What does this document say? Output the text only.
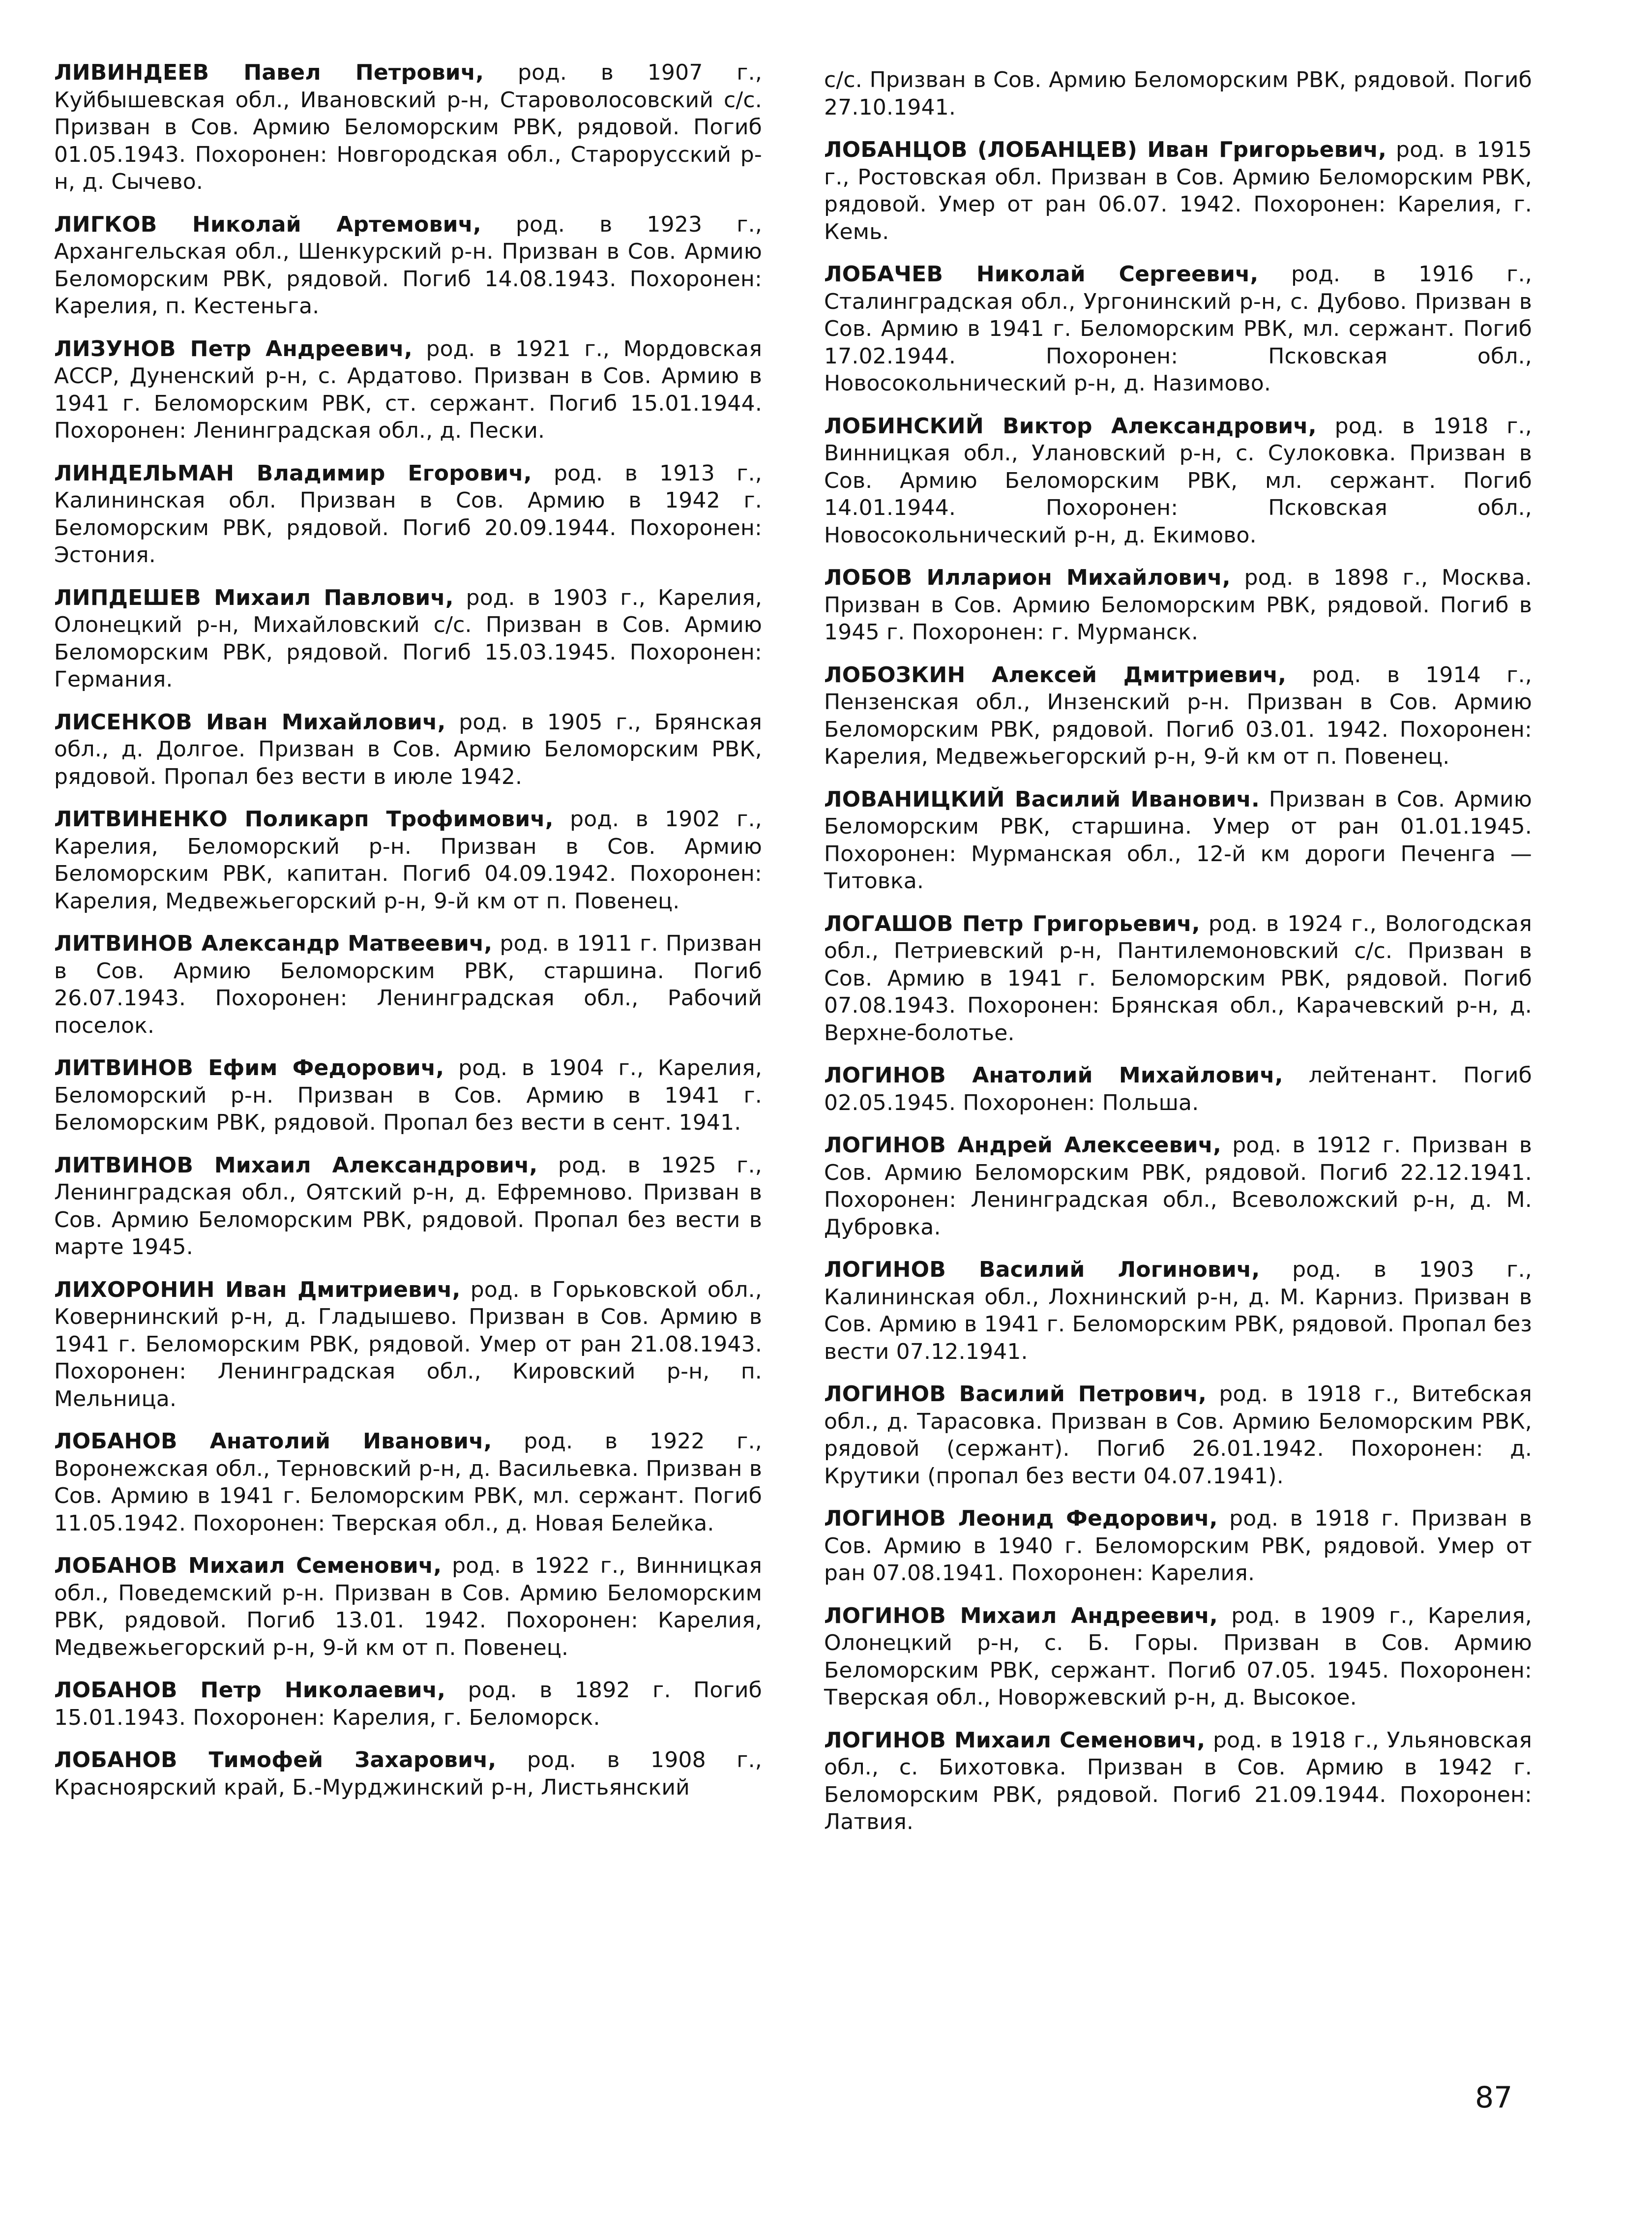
ЛИВИНДЕЕВ Павел Петрович, род. в 1907 г., Куйбышевская обл., Ивановский р-н, Староволосовский с/с. Призван в Сов. Армию Беломорским РВК, рядовой. Погиб 01.05.1943. Похоронен: Новгородская обл., Старорусский р-н, д. Сычево.

ЛИГКОВ Николай Артемович, род. в 1923 г., Архангельская обл., Шенкурский р-н. Призван в Сов. Армию Беломорским РВК, рядовой. Погиб 14.08.1943. Похоронен: Карелия, п. Кестеньга.

ЛИЗУНОВ Петр Андреевич, род. в 1921 г., Мордовская АССР, Дуненский р-н, с. Ардатово. Призван в Сов. Армию в 1941 г. Беломорским РВК, ст. сержант. Погиб 15.01.1944. Похоронен: Ленинградская обл., д. Пески.

ЛИНДЕЛЬМАН Владимир Егорович, род. в 1913 г., Калининская обл. Призван в Сов. Армию в 1942 г. Беломорским РВК, рядовой. Погиб 20.09.1944. Похоронен: Эстония.

ЛИПДЕШЕВ Михаил Павлович, род. в 1903 г., Карелия, Олонецкий р-н, Михайловский с/с. Призван в Сов. Армию Беломорским РВК, рядовой. Погиб 15.03.1945. Похоронен: Германия.

ЛИСЕНКОВ Иван Михайлович, род. в 1905 г., Брянская обл., д. Долгое. Призван в Сов. Армию Беломорским РВК, рядовой. Пропал без вести в июле 1942.

ЛИТВИНЕНКО Поликарп Трофимович, род. в 1902 г., Карелия, Беломорский р-н. Призван в Сов. Армию Беломорским РВК, капитан. Погиб 04.09.1942. Похоронен: Карелия, Медвежьегорский р-н, 9-й км от п. Повенец.

ЛИТВИНОВ Александр Матвеевич, род. в 1911 г. Призван в Сов. Армию Беломорским РВК, старшина. Погиб 26.07.1943. Похоронен: Ленинградская обл., Рабочий поселок.

ЛИТВИНОВ Ефим Федорович, род. в 1904 г., Карелия, Беломорский р-н. Призван в Сов. Армию в 1941 г. Беломорским РВК, рядовой. Пропал без вести в сент. 1941.

ЛИТВИНОВ Михаил Александрович, род. в 1925 г., Ленинградская обл., Оятский р-н, д. Ефремново. Призван в Сов. Армию Беломорским РВК, рядовой. Пропал без вести в марте 1945.

ЛИХОРОНИН Иван Дмитриевич, род. в Горьковской обл., Ковернинский р-н, д. Гладышево. Призван в Сов. Армию в 1941 г. Беломорским РВК, рядовой. Умер от ран 21.08.1943. Похоронен: Ленинградская обл., Кировский р-н, п. Мельница.

ЛОБАНОВ Анатолий Иванович, род. в 1922 г., Воронежская обл., Терновский р-н, д. Васильевка. Призван в Сов. Армию в 1941 г. Беломорским РВК, мл. сержант. Погиб 11.05.1942. Похоронен: Тверская обл., д. Новая Белейка.

ЛОБАНОВ Михаил Семенович, род. в 1922 г., Винницкая обл., Поведемский р-н. Призван в Сов. Армию Беломорским РВК, рядовой. Погиб 13.01. 1942. Похоронен: Карелия, Медвежьегорский р-н, 9-й км от п. Повенец.

ЛОБАНОВ Петр Николаевич, род. в 1892 г. Погиб 15.01.1943. Похоронен: Карелия, г. Беломорск.

ЛОБАНОВ Тимофей Захарович, род. в 1908 г., Красноярский край, Б.-Мурджинский р-н, Листьянский

с/с. Призван в Сов. Армию Беломорским РВК, рядовой. Погиб 27.10.1941.

ЛОБАНЦОВ (ЛОБАНЦЕВ) Иван Григорьевич, род. в 1915 г., Ростовская обл. Призван в Сов. Армию Беломорским РВК, рядовой. Умер от ран 06.07. 1942. Похоронен: Карелия, г. Кемь.

ЛОБАЧЕВ Николай Сергеевич, род. в 1916 г., Сталинградская обл., Ургонинский р-н, с. Дубово. Призван в Сов. Армию в 1941 г. Беломорским РВК, мл. сержант. Погиб 17.02.1944. Похоронен: Псковская обл., Новосокольнический р-н, д. Назимово.

ЛОБИНСКИЙ Виктор Александрович, род. в 1918 г., Винницкая обл., Улановский р-н, с. Сулоковка. Призван в Сов. Армию Беломорским РВК, мл. сержант. Погиб 14.01.1944. Похоронен: Псковская обл., Новосокольнический р-н, д. Екимово.

ЛОБОВ Илларион Михайлович, род. в 1898 г., Москва. Призван в Сов. Армию Беломорским РВК, рядовой. Погиб в 1945 г. Похоронен: г. Мурманск.

ЛОБОЗКИН Алексей Дмитриевич, род. в 1914 г., Пензенская обл., Инзенский р-н. Призван в Сов. Армию Беломорским РВК, рядовой. Погиб 03.01. 1942. Похоронен: Карелия, Медвежьегорский р-н, 9-й км от п. Повенец.

ЛОВАНИЦКИЙ Василий Иванович. Призван в Сов. Армию Беломорским РВК, старшина. Умер от ран 01.01.1945. Похоронен: Мурманская обл., 12-й км дороги Печенга — Титовка.

ЛОГАШОВ Петр Григорьевич, род. в 1924 г., Вологодская обл., Петриевский р-н, Пантилемоновский с/с. Призван в Сов. Армию в 1941 г. Беломорским РВК, рядовой. Погиб 07.08.1943. Похоронен: Брянская обл., Карачевский р-н, д. Верхне-болотье.

ЛОГИНОВ Анатолий Михайлович, лейтенант. Погиб 02.05.1945. Похоронен: Польша.

ЛОГИНОВ Андрей Алексеевич, род. в 1912 г. Призван в Сов. Армию Беломорским РВК, рядовой. Погиб 22.12.1941. Похоронен: Ленинградская обл., Всеволожский р-н, д. М. Дубровка.

ЛОГИНОВ Василий Логинович, род. в 1903 г., Калининская обл., Лохнинский р-н, д. М. Карниз. Призван в Сов. Армию в 1941 г. Беломорским РВК, рядовой. Пропал без вести 07.12.1941.

ЛОГИНОВ Василий Петрович, род. в 1918 г., Витебская обл., д. Тарасовка. Призван в Сов. Армию Беломорским РВК, рядовой (сержант). Погиб 26.01.1942. Похоронен: д. Крутики (пропал без вести 04.07.1941).

ЛОГИНОВ Леонид Федорович, род. в 1918 г. Призван в Сов. Армию в 1940 г. Беломорским РВК, рядовой. Умер от ран 07.08.1941. Похоронен: Карелия.

ЛОГИНОВ Михаил Андреевич, род. в 1909 г., Карелия, Олонецкий р-н, с. Б. Горы. Призван в Сов. Армию Беломорским РВК, сержант. Погиб 07.05. 1945. Похоронен: Тверская обл., Новоржевский р-н, д. Высокое.

ЛОГИНОВ Михаил Семенович, род. в 1918 г., Ульяновская обл., с. Бихотовка. Призван в Сов. Армию в 1942 г. Беломорским РВК, рядовой. Погиб 21.09.1944. Похоронен: Латвия.

87
